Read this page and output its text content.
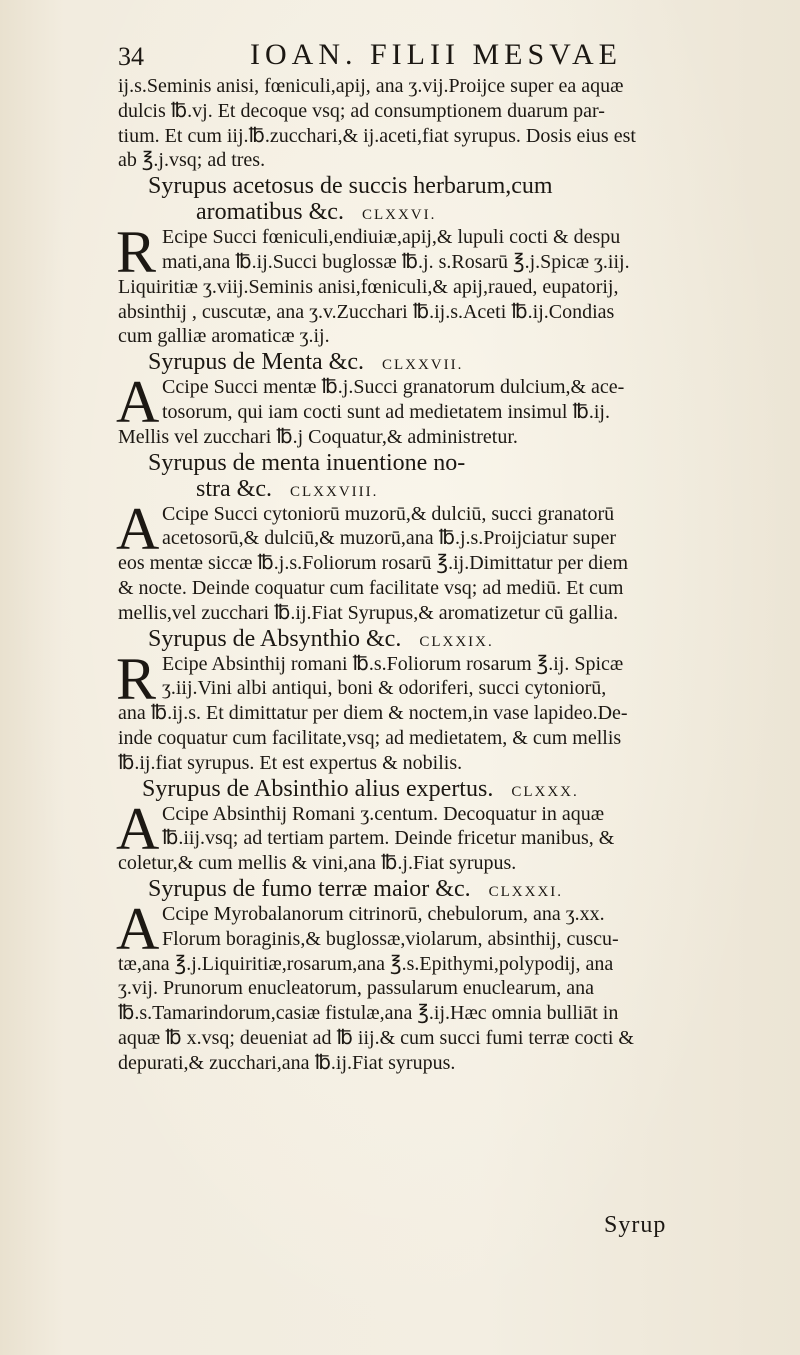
34	IOAN. FILII MESVAE
ij.s.Seminis anisi, fœniculi,apij, ana ʒ.vij.Proijce super ea aquæ
dulcis ℔.vj. Et decoque vsq; ad consumptionem duarum par-
tium. Et cum iij.℔.zucchari,& ij.aceti,fiat syrupus. Dosis eius est
ab ℥.j.vsq; ad tres.
Syrupus acetosus de succis herbarum,cum
aromatibus &c. CLXXVI.
R Ecipe Succi fœniculi,endiuiæ,apij,& lupuli cocti & despu
mati,ana ℔.ij.Succi buglossæ ℔.j. s.Rosarū ℥.j.Spicæ ʒ.iij.
Liquiritiæ ʒ.viij.Seminis anisi,fœniculi,& apij,raued, eupatorij,
absinthij , cuscutæ, ana ʒ.v.Zucchari ℔.ij.s.Aceti ℔.ij.Condias
cum galliæ aromaticæ ʒ.ij.
Syrupus de Menta &c. CLXXVII.
A Ccipe Succi mentæ ℔.j.Succi granatorum dulcium,& ace-
tosorum, qui iam cocti sunt ad medietatem insimul ℔.ij.
Mellis vel zucchari ℔.j Coquatur,& administretur.
Syrupus de menta inuentione no-
stra &c. CLXXVIII.
A Ccipe Succi cytoniorū muzorū,& dulciū, succi granatorū
acetosorū,& dulciū,& muzorū,ana ℔.j.s.Proijciatur super
eos mentæ siccæ ℔.j.s.Foliorum rosarū ℥.ij.Dimittatur per diem
& nocte. Deinde coquatur cum facilitate vsq; ad mediū. Et cum
mellis,vel zucchari ℔.ij.Fiat Syrupus,& aromatizetur cū gallia.
Syrupus de Absynthio &c. CLXXIX.
R Ecipe Absinthij romani ℔.s.Foliorum rosarum ℥.ij. Spicæ
ʒ.iij.Vini albi antiqui, boni & odoriferi, succi cytoniorū,
ana ℔.ij.s. Et dimittatur per diem & noctem,in vase lapideo.De-
inde coquatur cum facilitate,vsq; ad medietatem, & cum mellis
℔.ij.fiat syrupus. Et est expertus & nobilis.
Syrupus de Absinthio alius expertus. CLXXX.
A Ccipe Absinthij Romani ʒ.centum. Decoquatur in aquæ
℔.iij.vsq; ad tertiam partem. Deinde fricetur manibus, &
coletur,& cum mellis & vini,ana ℔.j.Fiat syrupus.
Syrupus de fumo terræ maior &c. CLXXXI.
A Ccipe Myrobalanorum citrinorū, chebulorum, ana ʒ.xx.
Florum boraginis,& buglossæ,violarum, absinthij, cuscu-
tæ,ana ℥.j.Liquiritiæ,rosarum,ana ℥.s.Epithymi,polypodij, ana
ʒ.vij. Prunorum enucleatorum, passularum enuclearum, ana
℔.s.Tamarindorum,casiæ fistulæ,ana ℥.ij.Hæc omnia bulliāt in
aquæ ℔ x.vsq; deueniat ad ℔ iij.& cum succi fumi terræ cocti &
depurati,& zucchari,ana ℔.ij.Fiat syrupus.
Syrup
